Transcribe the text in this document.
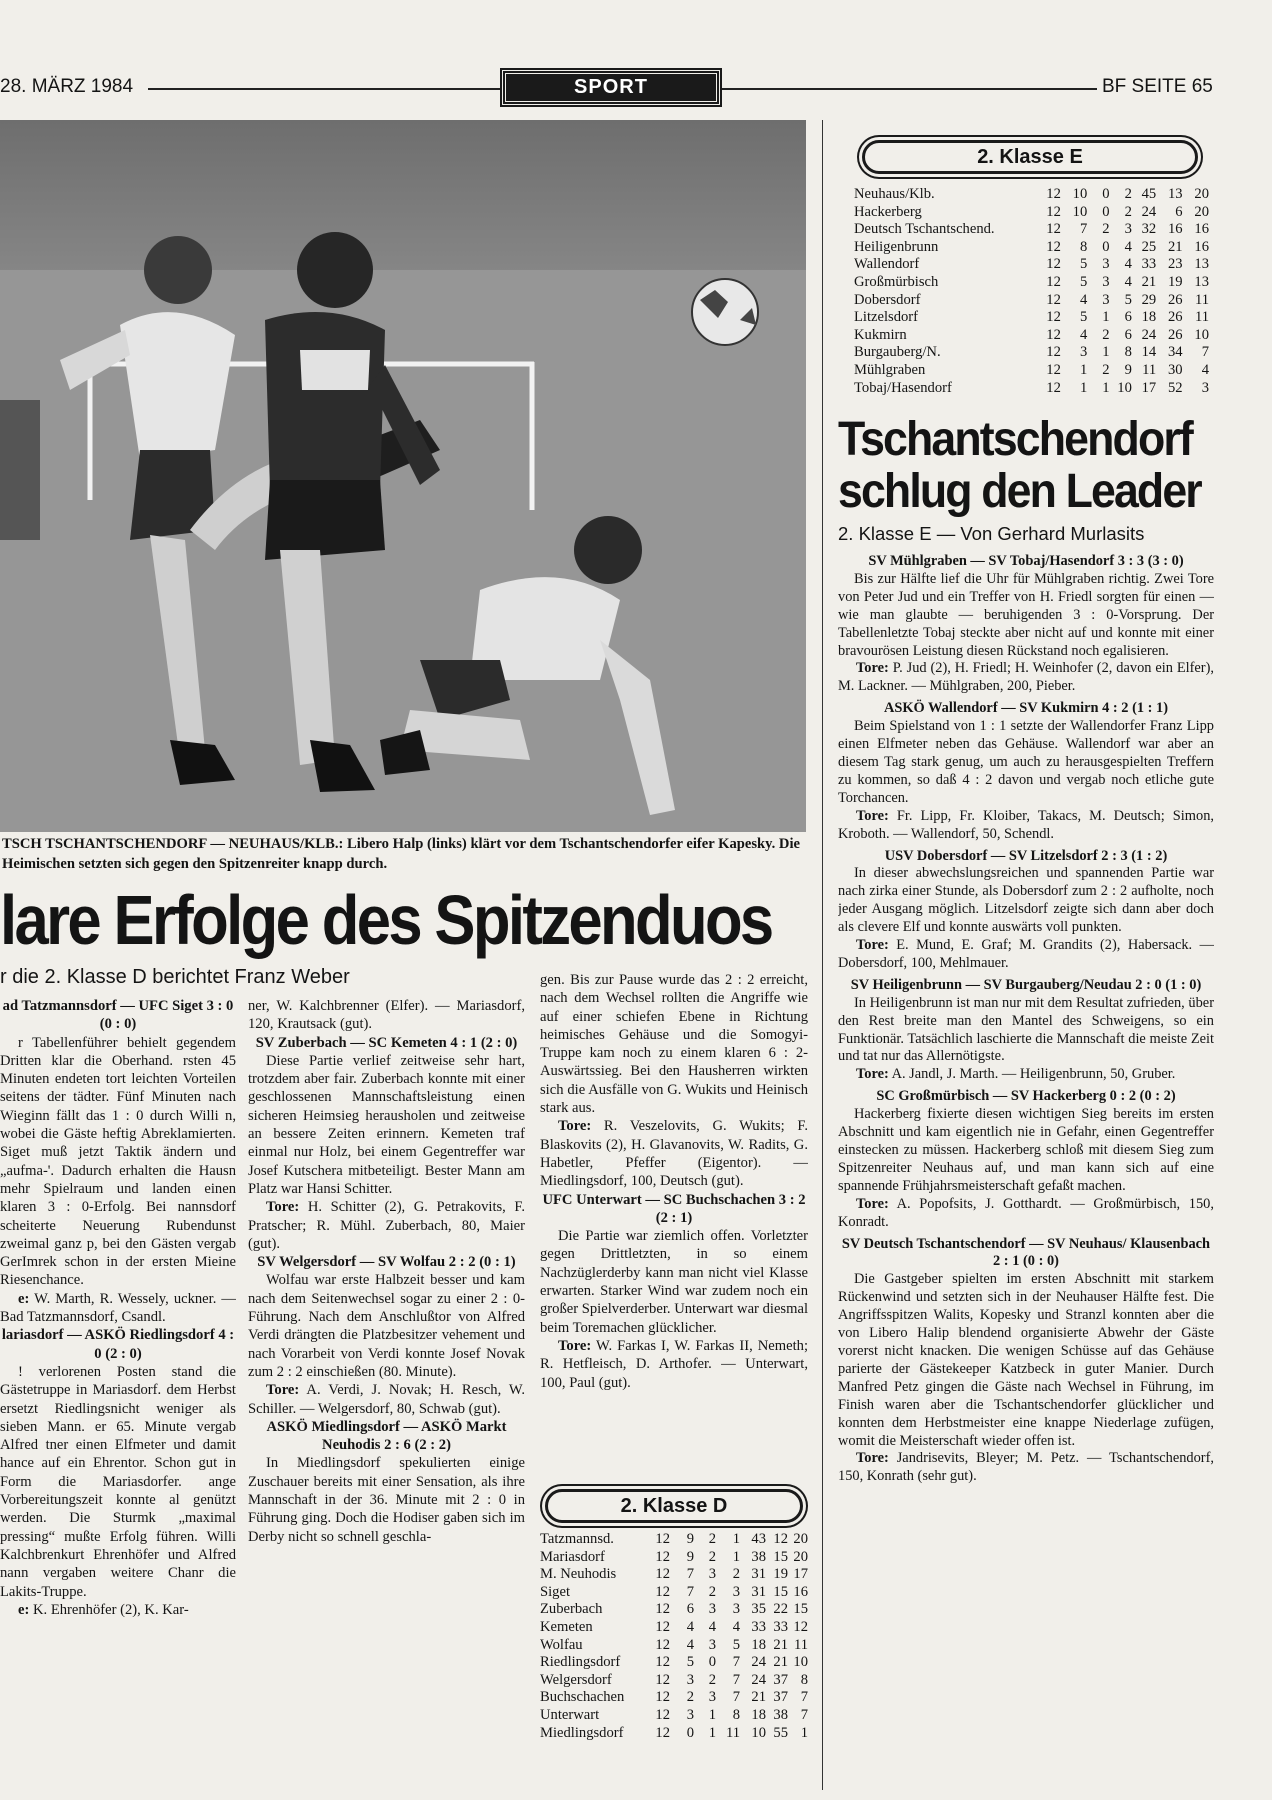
28. MÄRZ 1984	SPORT	BF SEITE 65
TSCH TSCHANTSCHENDORF — NEUHAUS/KLB.: Libero Halp (links) klärt vor dem Tschantschendorfer eifer Kapesky. Die Heimischen setzten sich gegen den Spitzenreiter knapp durch.
lare Erfolge des Spitzenduos
r die 2. Klasse D berichtet Franz Weber

ad Tatzmannsdorf — UFC Siget 3 : 0 (0 : 0)

r Tabellenführer behielt gegendem Dritten klar die Oberhand. rsten 45 Minuten endeten tort leichten Vorteilen seitens der tädter. Fünf Minuten nach Wieginn fällt das 1 : 0 durch Willi n, wobei die Gäste heftig Abreklamierten. Siget muß jetzt Taktik ändern und „aufma-'. Dadurch erhalten die Hausn mehr Spielraum und landen einen klaren 3 : 0-Erfolg. Bei nannsdorf scheiterte Neuerung Rubendunst zweimal ganz p, bei den Gästen vergab GerImrek schon in der ersten Mieine Riesenchance.

e: W. Marth, R. Wessely, uckner. — Bad Tatzmannsdorf, Csandl.

lariasdorf — ASKÖ Riedlingsdorf 4 : 0 (2 : 0)

! verlorenen Posten stand die Gästetruppe in Mariasdorf. dem Herbst ersetzt Riedlingsnicht weniger als sieben Mann. er 65. Minute vergab Alfred tner einen Elfmeter und damit hance auf ein Ehrentor. Schon gut in Form die Mariasdorfer. ange Vorbereitungszeit konnte al genützt werden. Die Sturmk „maximal pressing“ mußte Erfolg führen. Willi Kalchbrenkurt Ehrenhöfer und Alfred nann vergaben weitere Chanr die Lakits-Truppe.

e: K. Ehrenhöfer (2), K. Kar-

ner, W. Kalchbrenner (Elfer). — Mariasdorf, 120, Krautsack (gut).

SV Zuberbach — SC Kemeten 4 : 1 (2 : 0)

Diese Partie verlief zeitweise sehr hart, trotzdem aber fair. Zuberbach konnte mit einer geschlossenen Mannschaftsleistung einen sicheren Heimsieg herausholen und zeitweise an bessere Zeiten erinnern. Kemeten traf einmal nur Holz, bei einem Gegentreffer war Josef Kutschera mitbeteiligt. Bester Mann am Platz war Hansi Schitter.

Tore: H. Schitter (2), G. Petrakovits, F. Pratscher; R. Mühl. Zuberbach, 80, Maier (gut).

SV Welgersdorf — SV Wolfau 2 : 2 (0 : 1)

Wolfau war erste Halbzeit besser und kam nach dem Seitenwechsel sogar zu einer 2 : 0-Führung. Nach dem Anschlußtor von Alfred Verdi drängten die Platzbesitzer vehement und nach Vorarbeit von Verdi konnte Josef Novak zum 2 : 2 einschießen (80. Minute).

Tore: A. Verdi, J. Novak; H. Resch, W. Schiller. — Welgersdorf, 80, Schwab (gut).

ASKÖ Miedlingsdorf — ASKÖ Markt Neuhodis 2 : 6 (2 : 2)

In Miedlingsdorf spekulierten einige Zuschauer bereits mit einer Sensation, als ihre Mannschaft in der 36. Minute mit 2 : 0 in Führung ging. Doch die Hodiser gaben sich im Derby nicht so schnell geschla-

gen. Bis zur Pause wurde das 2 : 2 erreicht, nach dem Wechsel rollten die Angriffe wie auf einer schiefen Ebene in Richtung heimisches Gehäuse und die Somogyi-Truppe kam noch zu einem klaren 6 : 2-Auswärtssieg. Bei den Hausherren wirkten sich die Ausfälle von G. Wukits und Heinisch stark aus.

Tore: R. Veszelovits, G. Wukits; F. Blaskovits (2), H. Glavanovits, W. Radits, G. Habetler, Pfeffer (Eigentor). — Miedlingsdorf, 100, Deutsch (gut).

UFC Unterwart — SC Buchschachen 3 : 2 (2 : 1)

Die Partie war ziemlich offen. Vorletzter gegen Drittletzten, in so einem Nachzüglerderby kann man nicht viel Klasse erwarten. Starker Wind war zudem noch ein großer Spielverderber. Unterwart war diesmal beim Toremachen glücklicher.

Tore: W. Farkas I, W. Farkas II, Nemeth; R. Hetfleisch, D. Arthofer. — Unterwart, 100, Paul (gut).

2. Klasse D
Tatzmannsd.	12	9	2	1	43	12	20
Mariasdorf	12	9	2	1	38	15	20
M. Neuhodis	12	7	3	2	31	19	17
Siget	12	7	2	3	31	15	16
Zuberbach	12	6	3	3	35	22	15
Kemeten	12	4	4	4	33	33	12
Wolfau	12	4	3	5	18	21	11
Riedlingsdorf	12	5	0	7	24	21	10
Welgersdorf	12	3	2	7	24	37	8
Buchschachen	12	2	3	7	21	37	7
Unterwart	12	3	1	8	18	38	7
Miedlingsdorf	12	0	1	11	10	55	1
2. Klasse E
Neuhaus/Klb.	12	10	0	2	45	13	20
Hackerberg	12	10	0	2	24	6	20
Deutsch Tschantschend.	12	7	2	3	32	16	16
Heiligenbrunn	12	8	0	4	25	21	16
Wallendorf	12	5	3	4	33	23	13
Großmürbisch	12	5	3	4	21	19	13
Dobersdorf	12	4	3	5	29	26	11
Litzelsdorf	12	5	1	6	18	26	11
Kukmirn	12	4	2	6	24	26	10
Burgauberg/N.	12	3	1	8	14	34	7
Mühlgraben	12	1	2	9	11	30	4
Tobaj/Hasendorf	12	1	1	10	17	52	3
Tschantschendorf
schlug den Leader
2. Klasse E — Von Gerhard Murlasits

SV Mühlgraben — SV Tobaj/Hasendorf 3 : 3 (3 : 0)

Bis zur Hälfte lief die Uhr für Mühlgraben richtig. Zwei Tore von Peter Jud und ein Treffer von H. Friedl sorgten für einen — wie man glaubte — beruhigenden 3 : 0-Vorsprung. Der Tabellenletzte Tobaj steckte aber nicht auf und konnte mit einer bravourösen Leistung diesen Rückstand noch egalisieren.

Tore: P. Jud (2), H. Friedl; H. Weinhofer (2, davon ein Elfer), M. Lackner. — Mühlgraben, 200, Pieber.

ASKÖ Wallendorf — SV Kukmirn 4 : 2 (1 : 1)

Beim Spielstand von 1 : 1 setzte der Wallendorfer Franz Lipp einen Elfmeter neben das Gehäuse. Wallendorf war aber an diesem Tag stark genug, um auch zu herausgespielten Treffern zu kommen, so daß 4 : 2 davon und vergab noch etliche gute Torchancen.

Tore: Fr. Lipp, Fr. Kloiber, Takacs, M. Deutsch; Simon, Kroboth. — Wallendorf, 50, Schendl.

USV Dobersdorf — SV Litzelsdorf 2 : 3 (1 : 2)

In dieser abwechslungsreichen und spannenden Partie war nach zirka einer Stunde, als Dobersdorf zum 2 : 2 aufholte, noch jeder Ausgang möglich. Litzelsdorf zeigte sich dann aber doch als clevere Elf und konnte auswärts voll punkten.

Tore: E. Mund, E. Graf; M. Grandits (2), Habersack. — Dobersdorf, 100, Mehlmauer.

SV Heiligenbrunn — SV Burgauberg/Neudau 2 : 0 (1 : 0)

In Heiligenbrunn ist man nur mit dem Resultat zufrieden, über den Rest breite man den Mantel des Schweigens, so ein Funktionär. Tatsächlich laschierte die Mannschaft die meiste Zeit und tat nur das Allernötigste.

Tore: A. Jandl, J. Marth. — Heiligenbrunn, 50, Gruber.

SC Großmürbisch — SV Hackerberg 0 : 2 (0 : 2)

Hackerberg fixierte diesen wichtigen Sieg bereits im ersten Abschnitt und kam eigentlich nie in Gefahr, einen Gegentreffer einstecken zu müssen. Hackerberg schloß mit diesem Sieg zum Spitzenreiter Neuhaus auf, und man kann sich auf eine spannende Frühjahrsmeisterschaft gefaßt machen.

Tore: A. Popofsits, J. Gotthardt. — Großmürbisch, 150, Konradt.

SV Deutsch Tschantschendorf — SV Neuhaus/ Klausenbach 2 : 1 (0 : 0)

Die Gastgeber spielten im ersten Abschnitt mit starkem Rückenwind und setzten sich in der Neuhauser Hälfte fest. Die Angriffsspitzen Walits, Kopesky und Stranzl konnten aber die von Libero Halip blendend organisierte Abwehr der Gäste vorerst nicht knacken. Die wenigen Schüsse auf das Gehäuse parierte der Gästekeeper Katzbeck in guter Manier. Durch Manfred Petz gingen die Gäste nach Wechsel in Führung, im Finish waren aber die Tschantschendorfer glücklicher und konnten dem Herbstmeister eine knappe Niederlage zufügen, womit die Meisterschaft wieder offen ist.

Tore: Jandrisevits, Bleyer; M. Petz. — Tschantschendorf, 150, Konrath (sehr gut).
